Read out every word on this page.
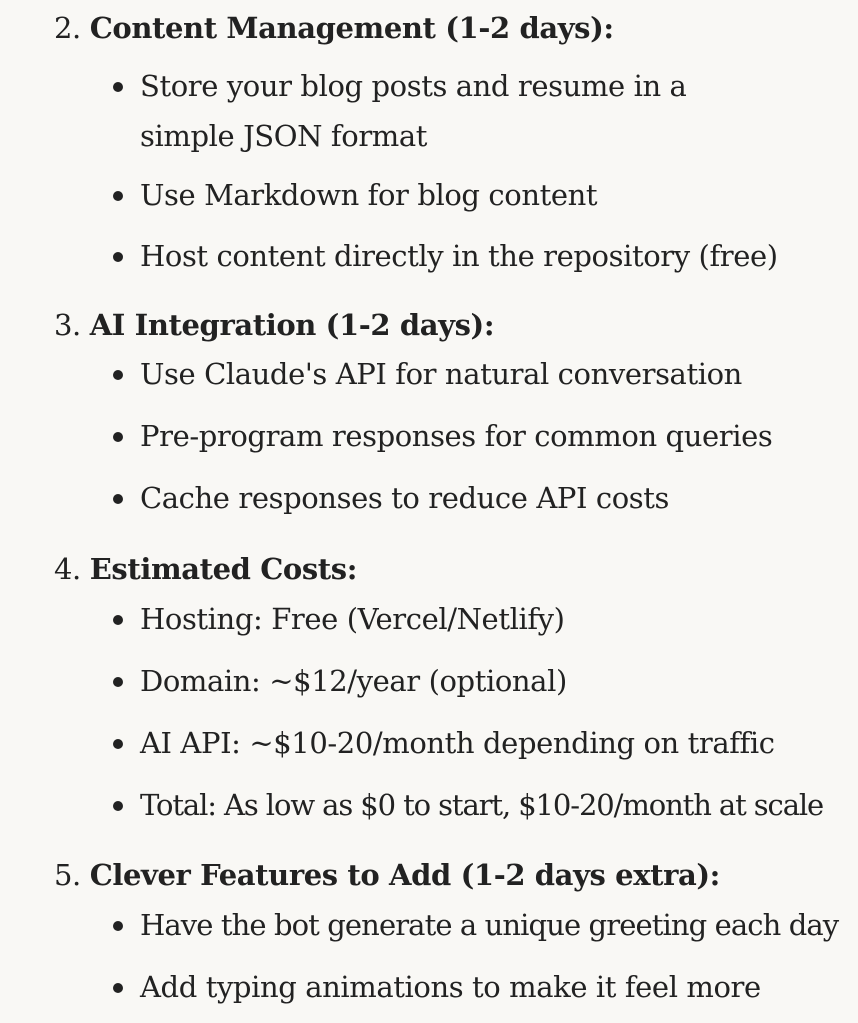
2. Content Management (1-2 days):
Store your blog posts and resume in a simple JSON format
Use Markdown for blog content
Host content directly in the repository (free)
3. AI Integration (1-2 days):
Use Claude's API for natural conversation
Pre-program responses for common queries
Cache responses to reduce API costs
4. Estimated Costs:
Hosting: Free (Vercel/Netlify)
Domain: ~$12/year (optional)
AI API: ~$10-20/month depending on traffic
Total: As low as $0 to start, $10-20/month at scale
5. Clever Features to Add (1-2 days extra):
Have the bot generate a unique greeting each day
Add typing animations to make it feel more
